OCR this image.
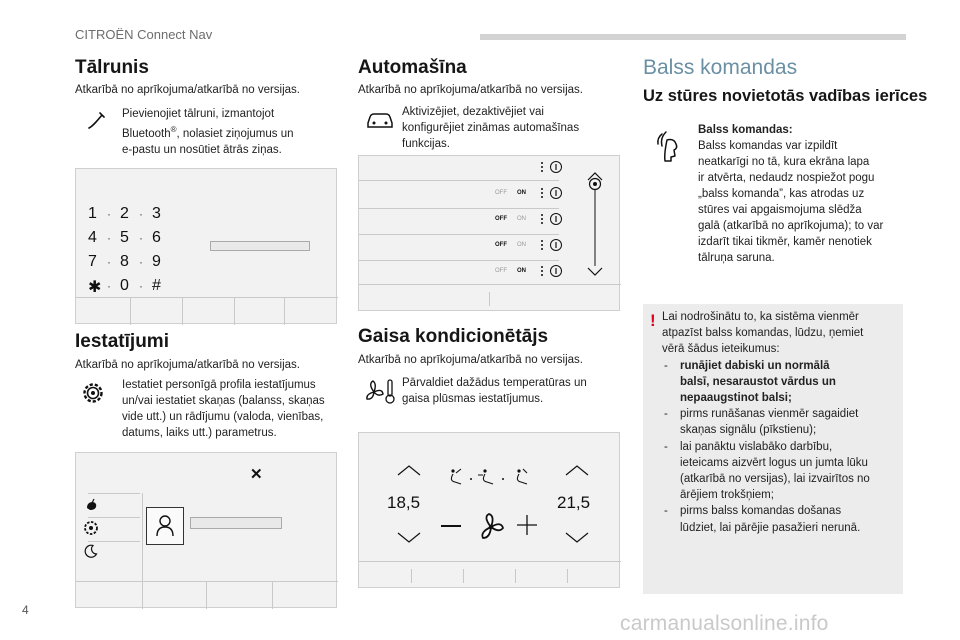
CITROËN Connect Nav
Tālrunis
Atkarībā no aprīkojuma/atkarībā no versijas.
Pievienojiet tālruni, izmantojot
Bluetooth®, nolasiet ziņojumus un
e-pastu un nosūtiet ātrās ziņas.
1 · 2 · 3
4 · 5 · 6
7 · 8 · 9
✱ · 0 · #
Iestatījumi
Atkarībā no aprīkojuma/atkarībā no versijas.
Iestatiet personīgā profila iestatījumus
un/vai iestatiet skaņas (balanss, skaņas
vide utt.) un rādījumu (valoda, vienības,
datums, laiks utt.) parametrus.
✕
Automašīna
Atkarībā no aprīkojuma/atkarībā no versijas.
Aktivizējiet, dezaktivējiet vai
konfigurējiet zināmas automašīnas
funkcijas.
OFF ON
OFF ON
OFF ON
OFF ON
Gaisa kondicionētājs
Atkarībā no aprīkojuma/atkarībā no versijas.
Pārvaldiet dažādus temperatūras un
gaisa plūsmas iestatījumus.
18,5	21,5
Balss komandas
Uz stūres novietotās vadības ierīces
Balss komandas:
Balss komandas var izpildīt
neatkarīgi no tā, kura ekrāna lapa
ir atvērta, nedaudz nospiežot pogu
„balss komanda”, kas atrodas uz
stūres vai apgaismojuma slēdža
galā (atkarībā no aprīkojuma); to var
izdarīt tikai tikmēr, kamēr nenotiek
tālruņa saruna.
! Lai nodrošinātu to, ka sistēma vienmēr
atpazīst balss komandas, lūdzu, ņemiet
vērā šādus ieteikumus:
- runājiet dabiski un normālā
balsī, nesaraustot vārdus un
nepaaugstinot balsi;
- pirms runāšanas vienmēr sagaidiet
skaņas signālu (pīkstienu);
- lai panāktu vislabāko darbību,
ieteicams aizvērt logus un jumta lūku
(atkarībā no versijas), lai izvairītos no
ārējiem trokšņiem;
- pirms balss komandas došanas
lūdziet, lai pārējie pasažieri nerunā.
4
carmanualsonline.info
